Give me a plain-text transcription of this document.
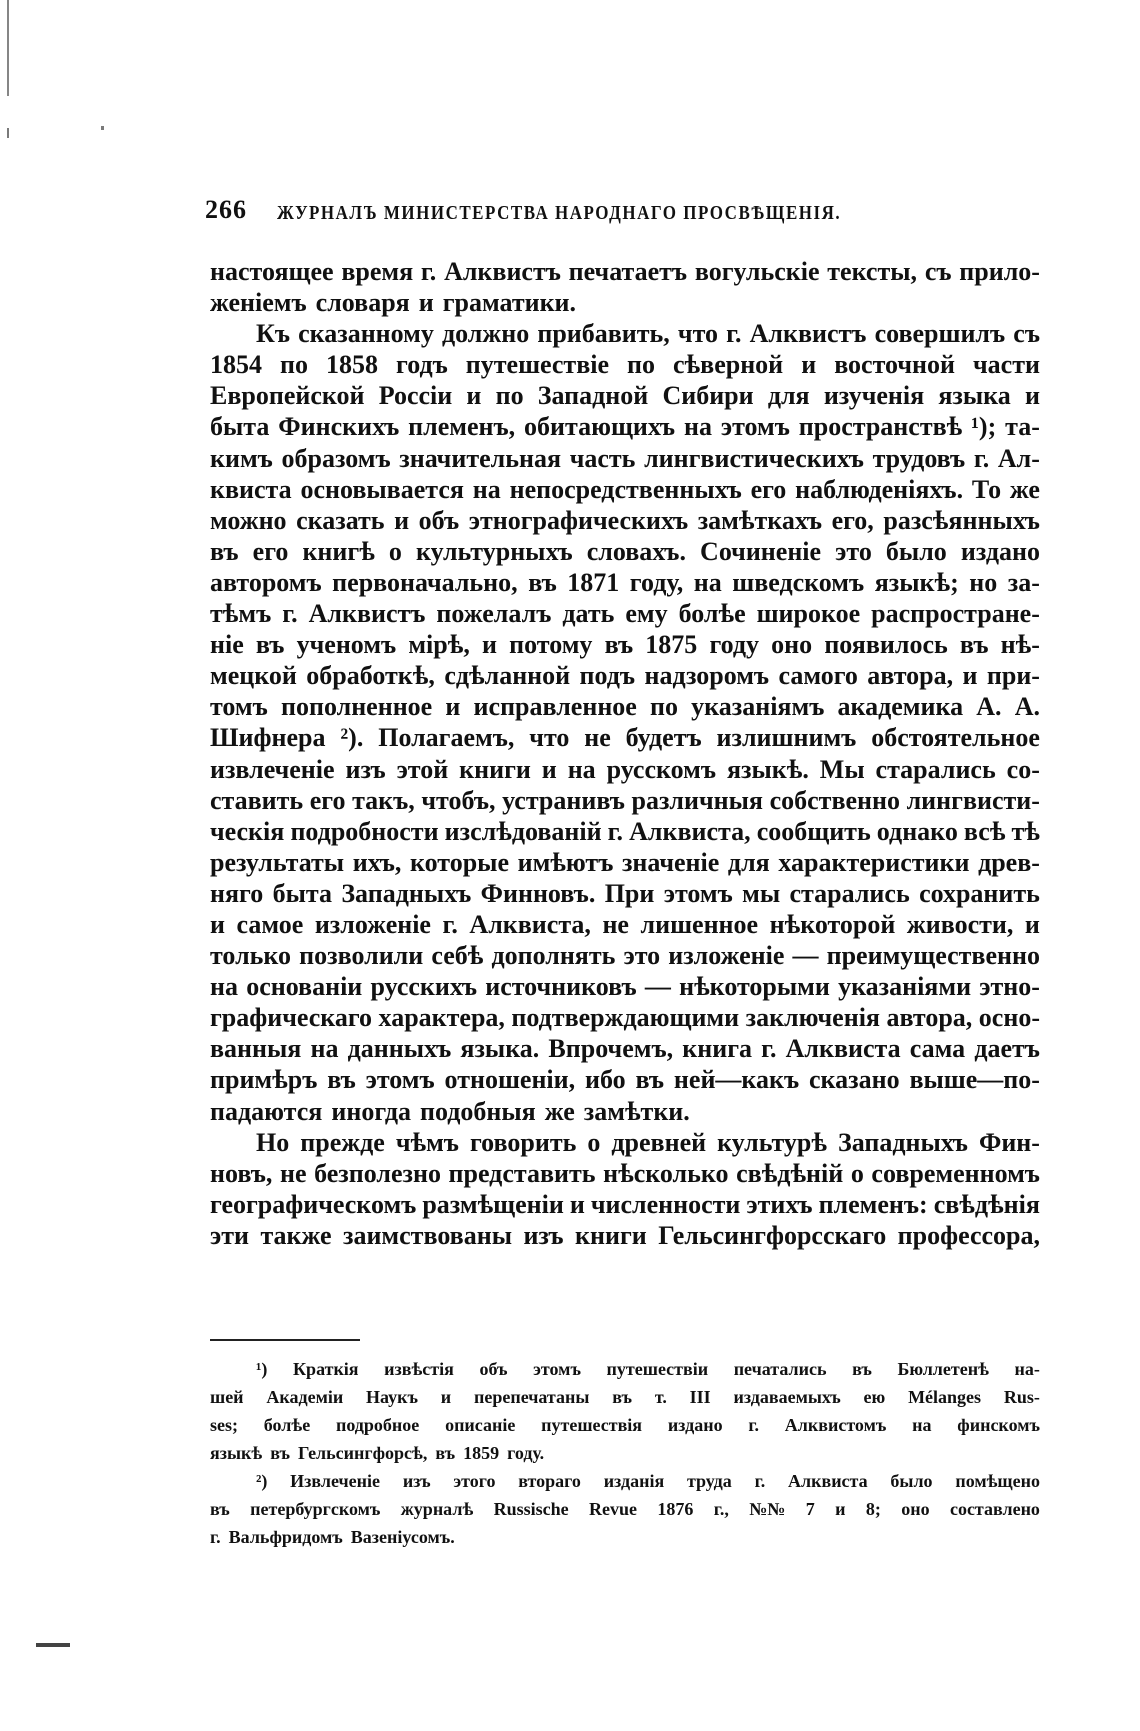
266 ЖУРНАЛЪ МИНИСТЕРСТВА НАРОДНАГО ПРОСВѢЩЕНІЯ.
настоящее время г. Алквистъ печатаетъ вогульскіе тексты, съ прило-
женіемъ словаря и граматики.
Къ сказанному должно прибавить, что г. Алквистъ совершилъ съ
1854 по 1858 годъ путешествіе по сѣверной и восточной части
Европейской Россіи и по Западной Сибири для изученія языка и
быта Финскихъ племенъ, обитающихъ на этомъ пространствѣ ¹); та-
кимъ образомъ значительная часть лингвистическихъ трудовъ г. Ал-
квиста основывается на непосредственныхъ его наблюденіяхъ. То же
можно сказать и объ этнографическихъ замѣткахъ его, разсѣянныхъ
въ его книгѣ о культурныхъ словахъ. Сочиненіе это было издано
авторомъ первоначально, въ 1871 году, на шведскомъ языкѣ; но за-
тѣмъ г. Алквистъ пожелалъ дать ему болѣе широкое распростране-
ніе въ ученомъ мірѣ, и потому въ 1875 году оно появилось въ нѣ-
мецкой обработкѣ, сдѣланной подъ надзоромъ самого автора, и при-
томъ пополненное и исправленное по указаніямъ академика А. А.
Шифнера ²). Полагаемъ, что не будетъ излишнимъ обстоятельное
извлеченіе изъ этой книги и на русскомъ языкѣ. Мы старались со-
ставить его такъ, чтобъ, устранивъ различныя собственно лингвисти-
ческія подробности изслѣдованій г. Алквиста, сообщить однако всѣ тѣ
результаты ихъ, которые имѣютъ значеніе для характеристики древ-
няго быта Западныхъ Финновъ. При этомъ мы старались сохранить
и самое изложеніе г. Алквиста, не лишенное нѣкоторой живости, и
только позволили себѣ дополнять это изложеніе — преимущественно
на основаніи русскихъ источниковъ — нѣкоторыми указаніями этно-
графическаго характера, подтверждающими заключенія автора, осно-
ванныя на данныхъ языка. Впрочемъ, книга г. Алквиста сама даетъ
примѣръ въ этомъ отношеніи, ибо въ ней—какъ сказано выше—по-
падаются иногда подобныя же замѣтки.
Но прежде чѣмъ говорить о древней культурѣ Западныхъ Фин-
новъ, не безполезно представить нѣсколько свѣдѣній о современномъ
географическомъ размѣщеніи и численности этихъ племенъ: свѣдѣнія
эти также заимствованы изъ книги Гельсингфорсскаго профессора,
¹) Краткія извѣстія объ этомъ путешествіи печатались въ Бюллетенѣ на-
шей Академіи Наукъ и перепечатаны въ т. III издаваемыхъ ею Mélanges Rus-
ses; болѣе подробное описаніе путешествія издано г. Алквистомъ на финскомъ
языкѣ въ Гельсингфорсѣ, въ 1859 году.
²) Извлеченіе изъ этого втораго изданія труда г. Алквиста было помѣщено
въ петербургскомъ журналѣ Russische Revue 1876 г., №№ 7 и 8; оно составлено
г. Вальфридомъ Вазеніусомъ.
